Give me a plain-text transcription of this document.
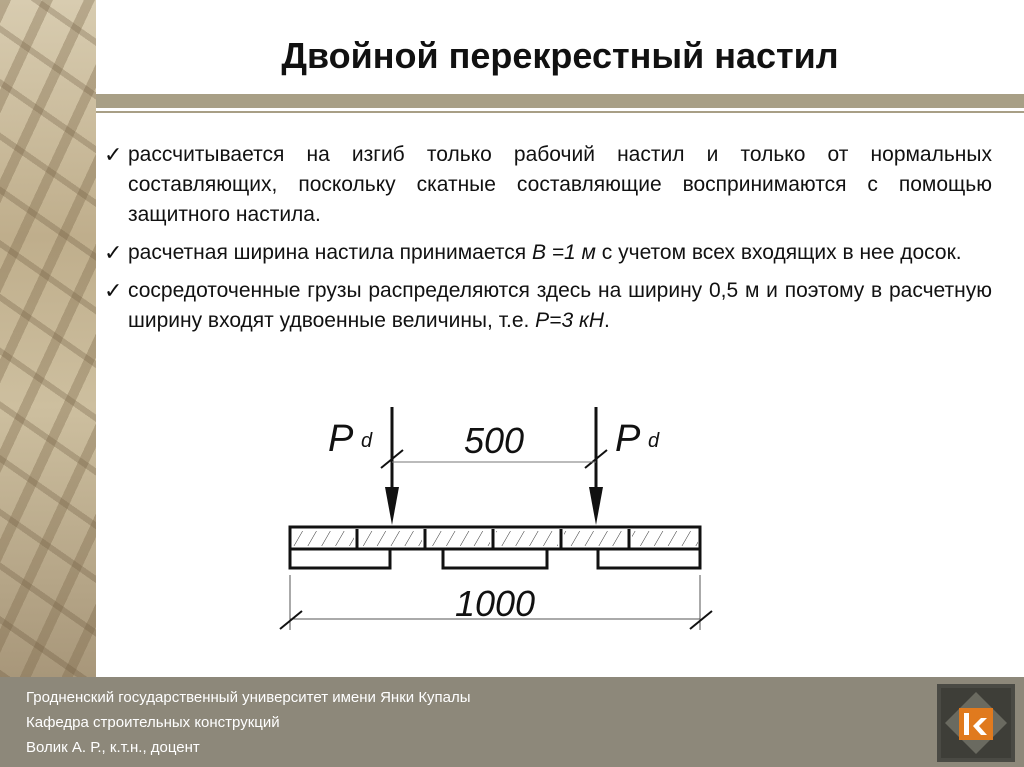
Двойной перекрестный настил
✓ рассчитывается на изгиб только рабочий настил и только от нормальных составляющих, поскольку скатные составляющие воспринимаются с помощью защитного настила.
✓ расчетная ширина настила принимается В =1 м с учетом всех входящих в нее досок.
✓ сосредоточенные грузы распределяются здесь на ширину 0,5 м и поэтому в расчетную ширину входят удвоенные величины, т.е. Р=3 кН.
P d	P d
500
1000
Гродненский государственный университет имени Янки Купалы
Кафедра строительных конструкций
Волик А. Р., к.т.н., доцент
